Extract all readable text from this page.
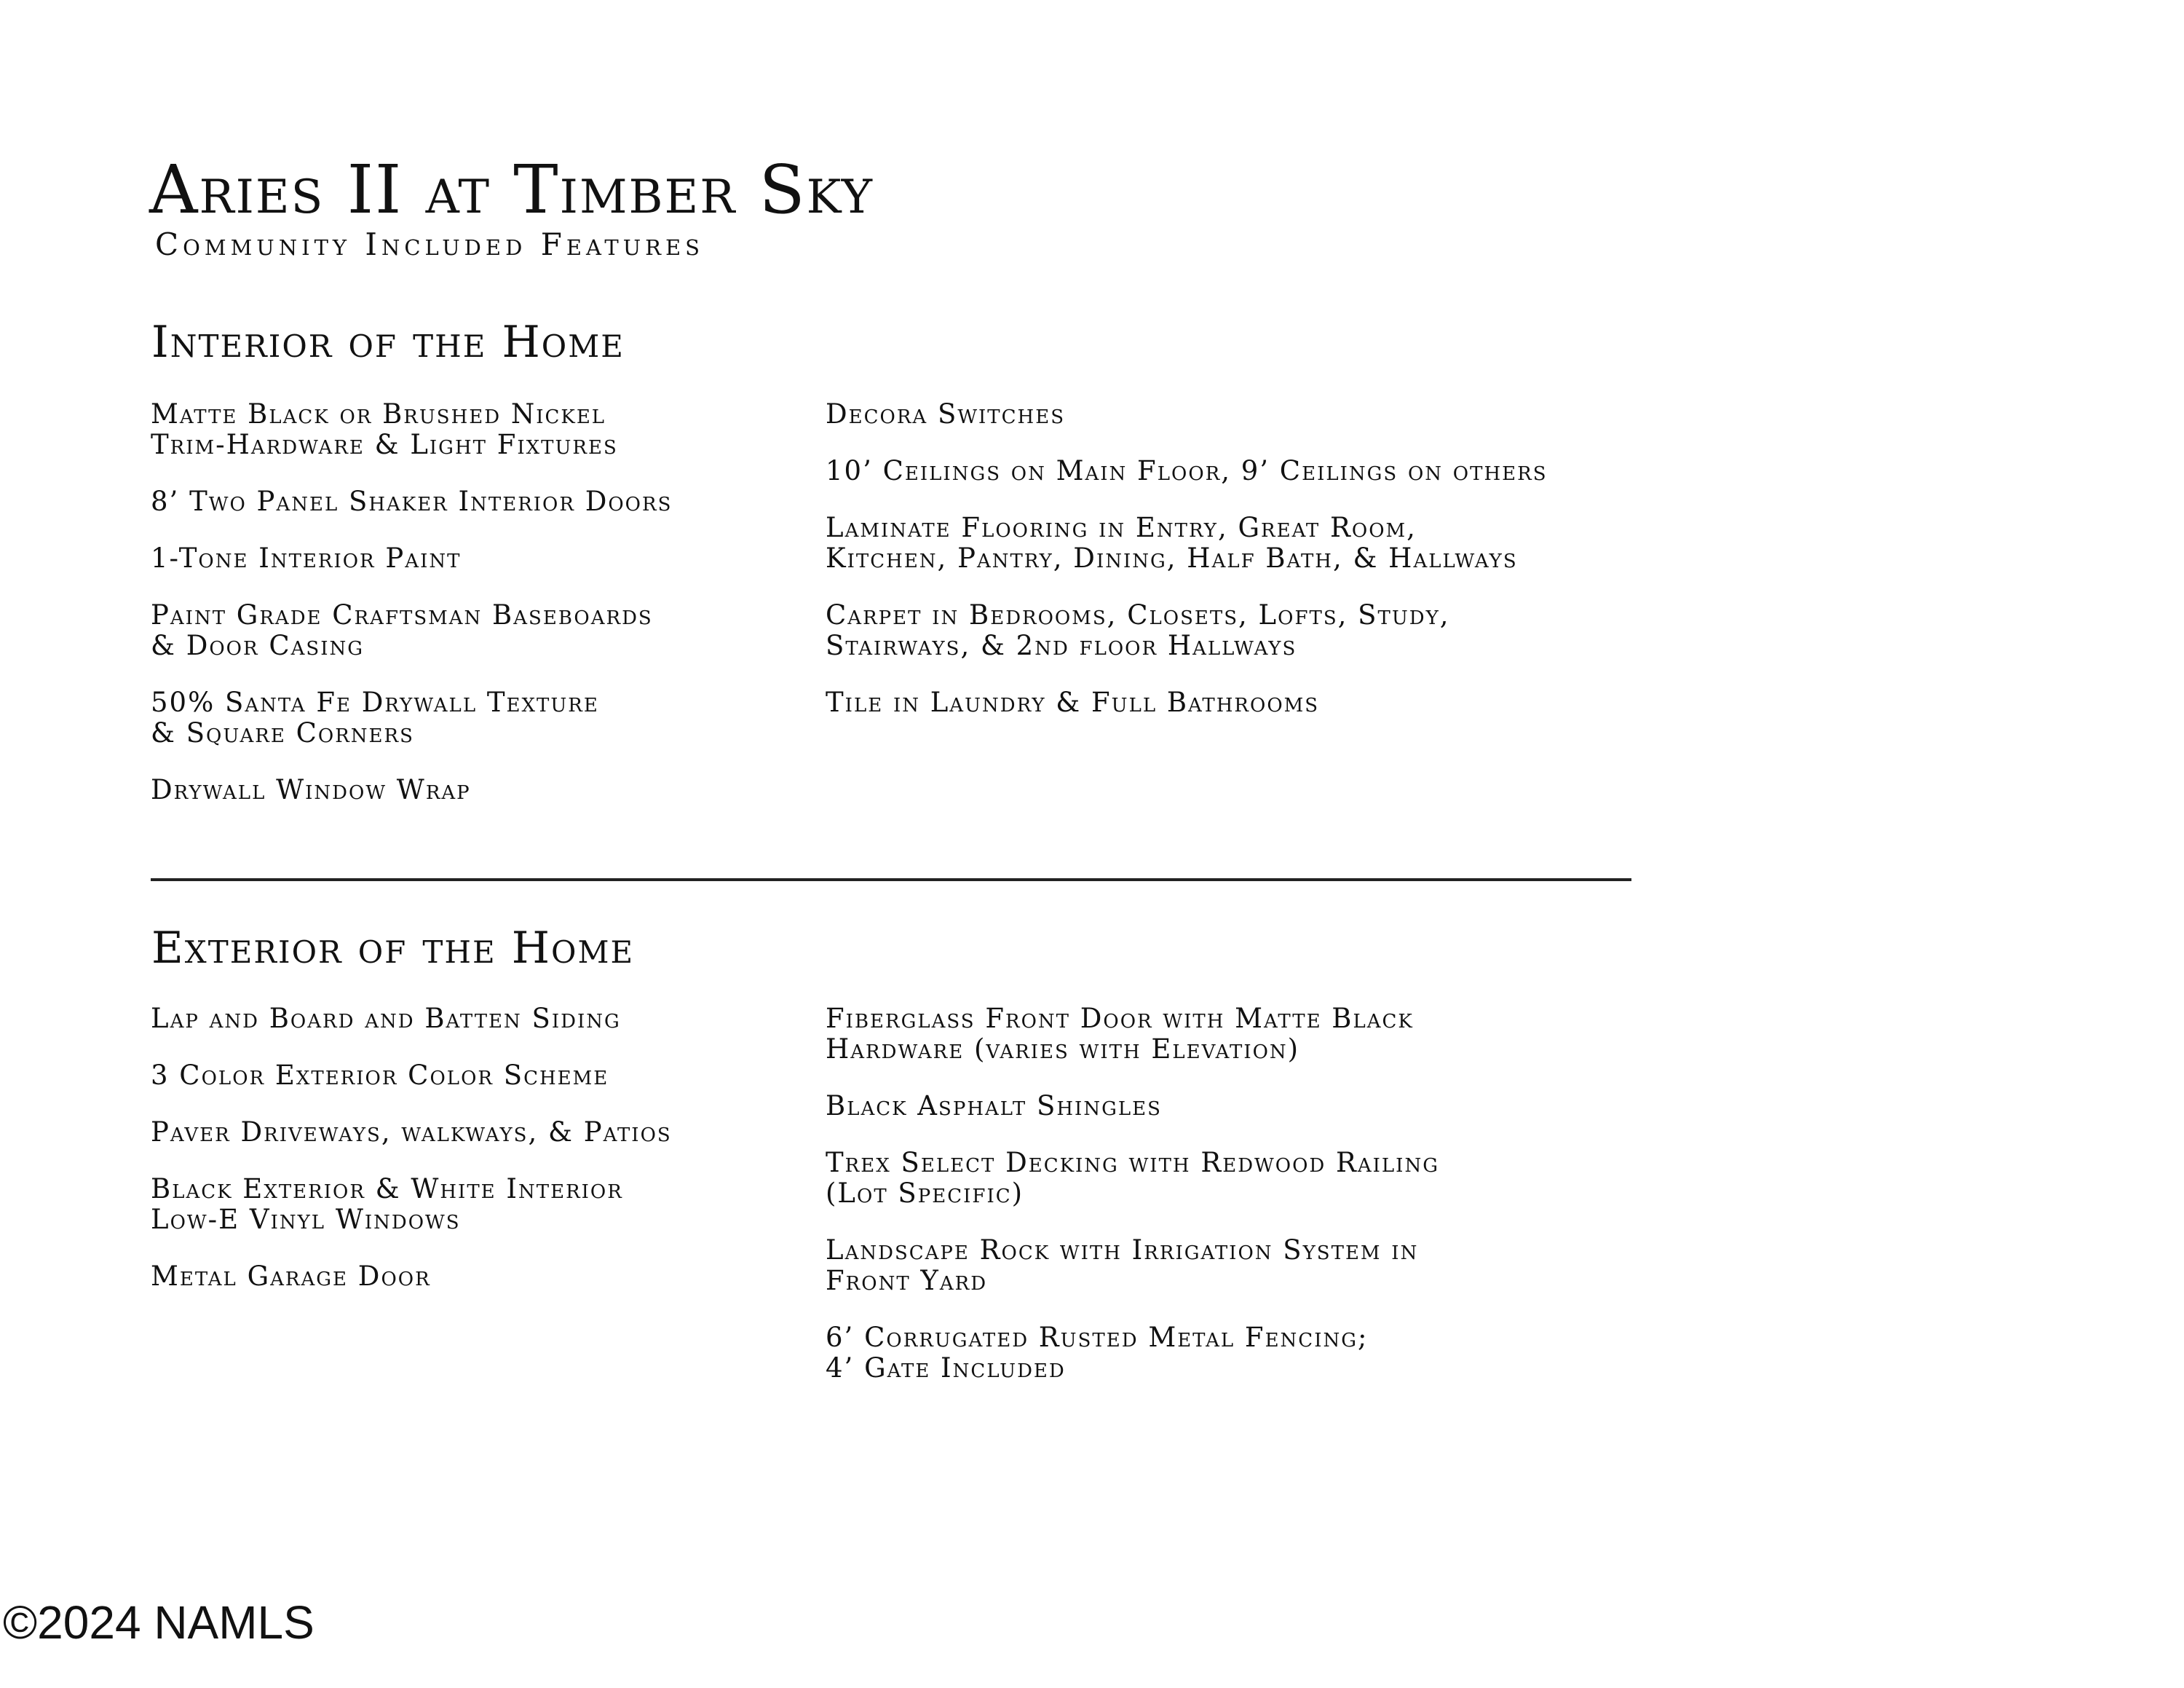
Aries II at Timber Sky
Community Included Features
Interior of the Home
Matte Black or Brushed Nickel
Trim-Hardware & Light Fixtures
8’ Two Panel Shaker Interior Doors
1-Tone Interior Paint
Paint Grade Craftsman Baseboards
& Door Casing
50% Santa Fe Drywall Texture
& Square Corners
Drywall Window Wrap
Decora Switches
10’ Ceilings on Main Floor, 9’ Ceilings on others
Laminate Flooring in Entry, Great Room,
Kitchen, Pantry, Dining, Half Bath, & Hallways
Carpet in Bedrooms, Closets, Lofts, Study,
Stairways, & 2nd floor Hallways
Tile in Laundry & Full Bathrooms
Exterior of the Home
Lap and Board and Batten Siding
3 Color Exterior Color Scheme
Paver Driveways, walkways, & Patios
Black Exterior & White Interior
Low-E Vinyl Windows
Metal Garage Door
Fiberglass Front Door with Matte Black
Hardware (varies with Elevation)
Black Asphalt Shingles
Trex Select Decking with Redwood Railing
(Lot Specific)
Landscape Rock with Irrigation System in
Front Yard
6’ Corrugated Rusted Metal Fencing;
4’ Gate Included
©2024 NAMLS
